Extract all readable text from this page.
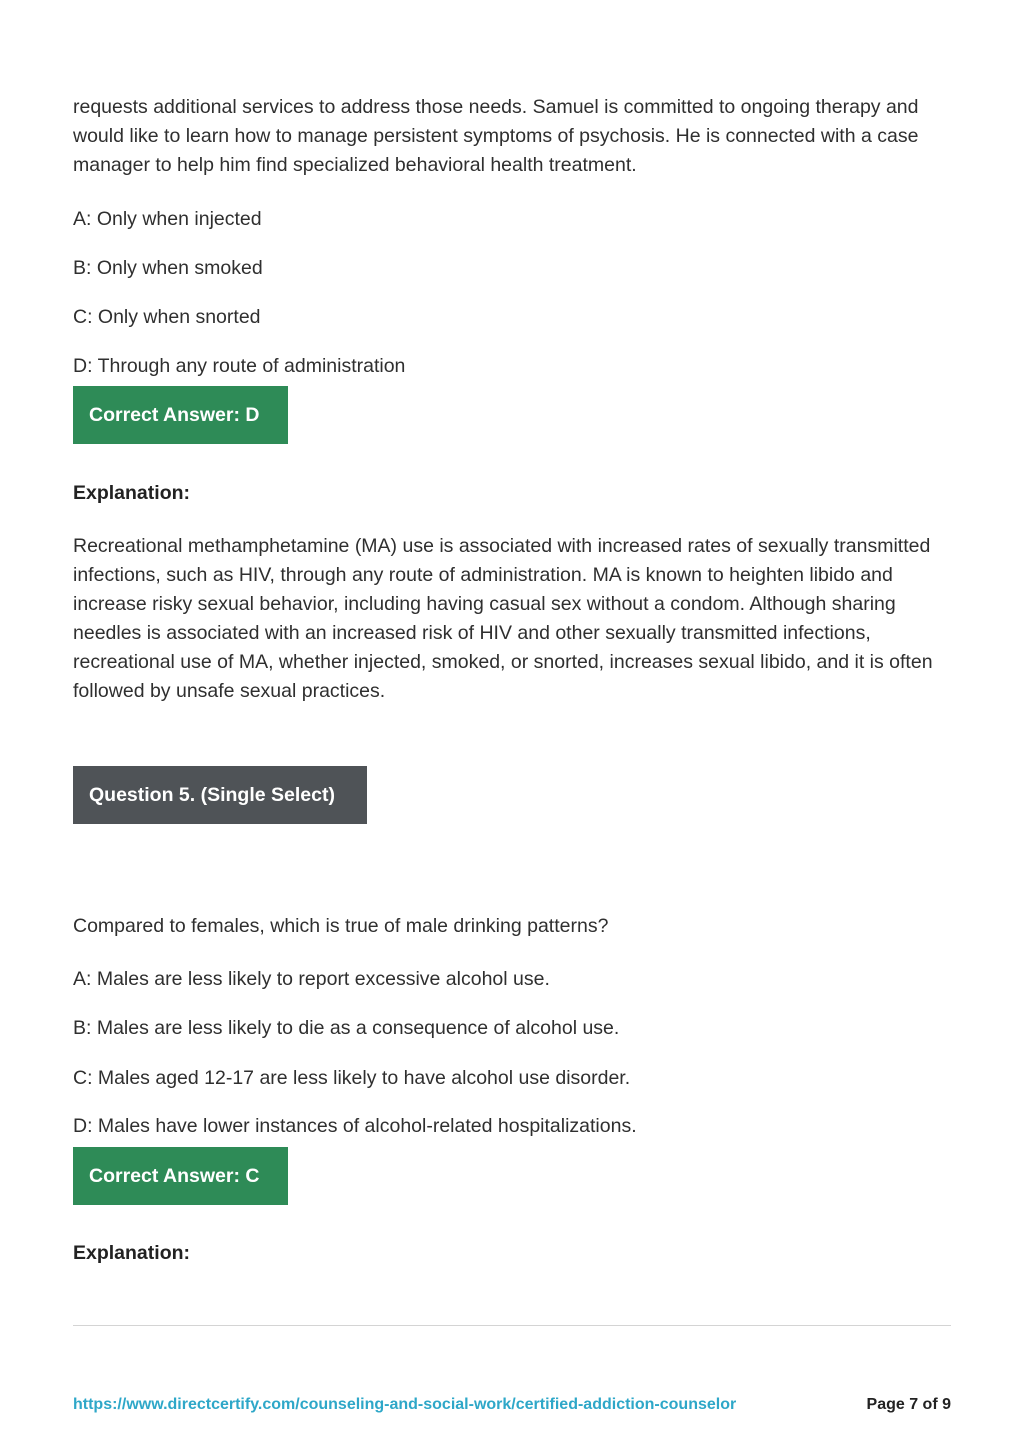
requests additional services to address those needs. Samuel is committed to ongoing therapy and would like to learn how to manage persistent symptoms of psychosis. He is connected with a case manager to help him find specialized behavioral health treatment.

A: Only when injected

B: Only when smoked

C: Only when snorted

D: Through any route of administration

Correct Answer: D

Explanation:

Recreational methamphetamine (MA) use is associated with increased rates of sexually transmitted infections, such as HIV, through any route of administration. MA is known to heighten libido and increase risky sexual behavior, including having casual sex without a condom. Although sharing needles is associated with an increased risk of HIV and other sexually transmitted infections, recreational use of MA, whether injected, smoked, or snorted, increases sexual libido, and it is often followed by unsafe sexual practices.

Question 5. (Single Select)

Compared to females, which is true of male drinking patterns?

A: Males are less likely to report excessive alcohol use.

B: Males are less likely to die as a consequence of alcohol use.

C: Males aged 12-17 are less likely to have alcohol use disorder.

D: Males have lower instances of alcohol-related hospitalizations.

Correct Answer: C

Explanation:

https://www.directcertify.com/counseling-and-social-work/certified-addiction-counselor	Page 7 of 9
